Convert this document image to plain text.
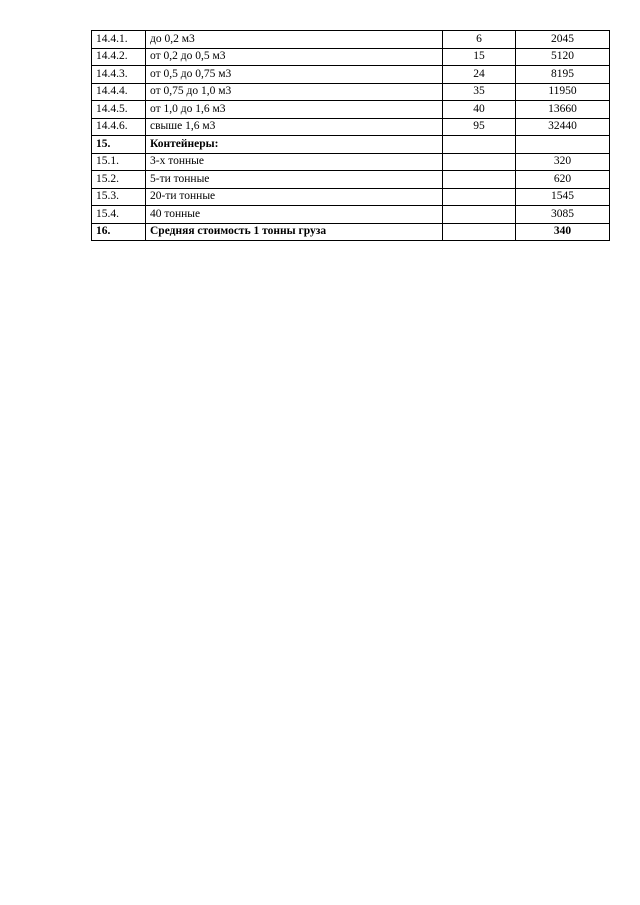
14.4.1.	до 0,2 м3	6	2045
14.4.2.	от 0,2 до 0,5 м3	15	5120
14.4.3.	от 0,5 до 0,75 м3	24	8195
14.4.4.	от 0,75 до 1,0 м3	35	11950
14.4.5.	от 1,0 до 1,6 м3	40	13660
14.4.6.	свыше 1,6 м3	95	32440
15.	Контейнеры:		
15.1.	3-х тонные		320
15.2.	5-ти тонные		620
15.3.	20-ти тонные		1545
15.4.	40 тонные		3085
16.	Средняя стоимость 1 тонны груза		340
